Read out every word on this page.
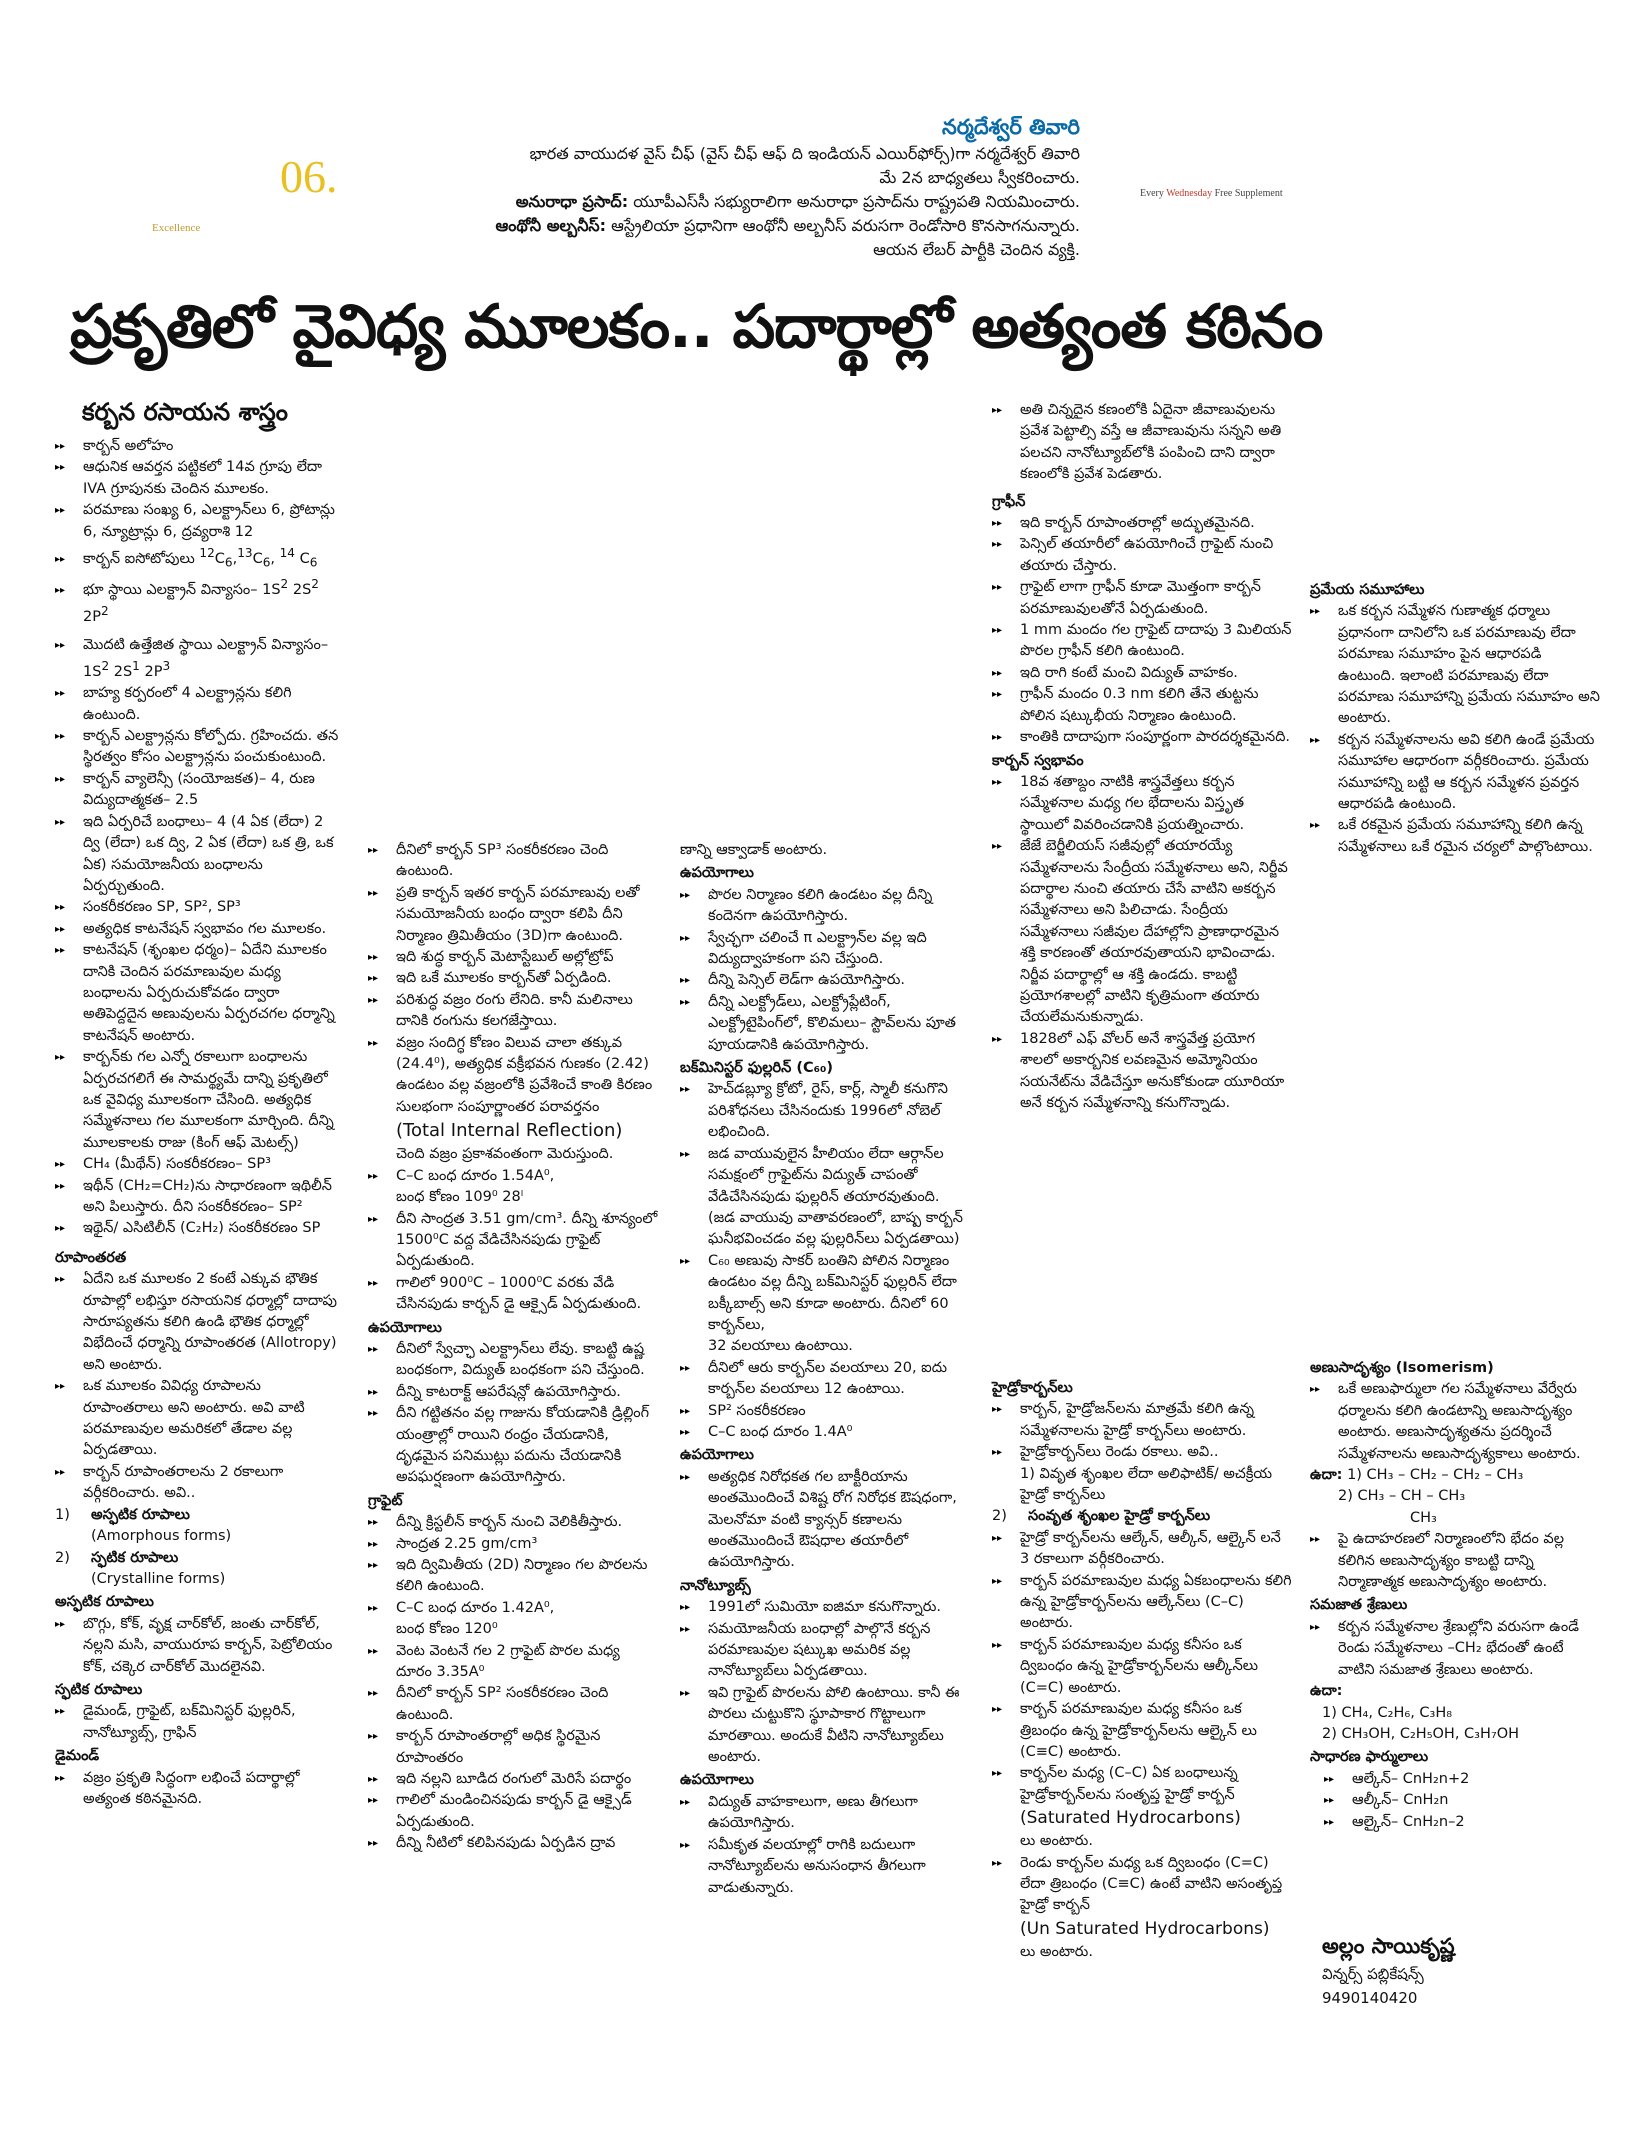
06.
Excellence
Every Wednesday Free Supplement
నర్మదేశ్వర్ తివారి
భారత వాయుదళ వైస్ చీఫ్ (వైస్ చీఫ్ ఆఫ్ ది ఇండియన్ ఎయిర్‌ఫోర్స్)గా నర్మదేశ్వర్ తివారి
మే 2న బాధ్యతలు స్వీకరించారు.
అనురాధా ప్రసాద్: యూపీఎస్‌సీ సభ్యురాలిగా అనురాధా ప్రసాద్‌ను రాష్ట్రపతి నియమించారు.
ఆంథోనీ అల్బనీస్: ఆస్ట్రేలియా ప్రధానిగా ఆంథోనీ అల్బనీస్ వరుసగా రెండోసారి కొనసాగనున్నారు.
ఆయన లేబర్ పార్టీకి చెందిన వ్యక్తి.
ప్రకృతిలో వైవిధ్య మూలకం.. పదార్థాల్లో అత్యంత కఠినం
కర్బన రసాయన శాస్త్రం

▸▸ కార్బన్ అలోహం

▸▸ ఆధునిక ఆవర్తన పట్టికలో 14వ గ్రూపు లేదా IVA గ్రూపునకు చెందిన మూలకం.

▸▸ పరమాణు సంఖ్య 6, ఎలక్ట్రాన్‌లు 6, ప్రోటాన్లు 6, న్యూట్రాన్లు 6, ద్రవ్యరాశి 12

▸▸ కార్బన్ ఐసోటోపులు $^{12}C_6,^{13}C_6$, $^{14}$ $C_6$

▸▸ భూ స్థాయి ఎలక్ట్రాన్ విన్యాసం– $1S^2$ $2S^2$ $2P^2$

▸▸ మొదటి ఉత్తేజిత స్థాయి ఎలక్ట్రాన్ విన్యాసం– $1S^2$ $2S^1$ $2P^3$

▸▸ బాహ్య కర్పరంలో 4 ఎలక్ట్రాన్లను కలిగి ఉంటుంది.

▸▸ కార్బన్ ఎలక్ట్రాన్లను కోల్పోదు. గ్రహించదు. తన స్థిరత్వం కోసం ఎలక్ట్రాన్లను పంచుకుంటుంది.

▸▸ కార్బన్ వ్యాలెన్సీ (సంయోజకత)– 4, రుణ విద్యుదాత్మకత– 2.5

▸▸ ఇది ఏర్పరిచే బంధాలు– 4 (4 ఏక (లేదా) 2 ద్వి (లేదా) ఒక ద్వి, 2 ఏక (లేదా) ఒక త్రి, ఒక ఏక) సమయోజనీయ బంధాలను ఏర్పర్చుతుంది.

▸▸ సంకరీకరణం SP, SP², SP³

▸▸ అత్యధిక కాటనేషన్ స్వభావం గల మూలకం.

▸▸ కాటనేషన్ (శృంఖల ధర్మం)– ఏదేని మూలకం దానికి చెందిన పరమాణువుల మధ్య బంధాలను ఏర్పరుచుకోవడం ద్వారా అతిపెద్దదైన అణువులను ఏర్పరచగల ధర్మాన్ని కాటనేషన్ అంటారు.

▸▸ కార్బన్‌కు గల ఎన్నో రకాలుగా బంధాలను ఏర్పరచగలిగే ఈ సామర్థ్యమే దాన్ని ప్రకృతిలో ఒక వైవిధ్య మూలకంగా చేసింది. అత్యధిక సమ్మేళనాలు గల మూలకంగా మార్చింది. దీన్ని మూలకాలకు రాజు (కింగ్ ఆఫ్ మెటల్స్)

▸▸ CH₄ (మీథేన్) సంకరీకరణం– SP³

▸▸ ఇథీన్ (CH₂=CH₂)ను సాధారణంగా ఇథిలీన్ అని పిలుస్తారు. దీని సంకరీకరణం– SP²

▸▸ ఇథైన్/ ఎసిటిలీన్ (C₂H₂) సంకరీకరణం SP

రూపాంతరత

▸▸ ఏదేని ఒక మూలకం 2 కంటే ఎక్కువ భౌతిక రూపాల్లో లభిస్తూ రసాయనిక ధర్మాల్లో దాదాపు సారూప్యతను కలిగి ఉండి భౌతిక ధర్మాల్లో విభేదించే ధర్మాన్ని రూపాంతరత (Allotropy) అని అంటారు.

▸▸ ఒక మూలకం వివిధ్య రూపాలను రూపాంతరాలు అని అంటారు. అవి వాటి పరమాణువుల అమరికలో తేడాల వల్ల ఏర్పడతాయి.

▸▸ కార్బన్ రూపాంతరాలను 2 రకాలుగా వర్గీకరించారు. అవి..

1) అస్ఫటిక రూపాలు

(Amorphous forms)

2) స్ఫటిక రూపాలు

(Crystalline forms)

అస్ఫటిక రూపాలు

▸▸ బొగ్గు, కోక్, వృక్ష చార్‌కోల్, జంతు చార్‌కోల్, నల్లని మసి, వాయురూప కార్బన్, పెట్రోలియం కోక్, చక్కెర చార్‌కోల్ మొదలైనవి.

స్ఫటిక రూపాలు

▸▸ డైమండ్, గ్రాఫైట్, బక్‌మినిస్టర్ ఫుల్లరిన్, నానోట్యూబ్స్, గ్రాఫిన్

డైమండ్

▸▸ వజ్రం ప్రకృతి సిద్ధంగా లభించే పదార్థాల్లో అత్యంత కఠినమైనది.

▸▸ దీనిలో కార్బన్ SP³ సంకరీకరణం చెంది ఉంటుంది.

▸▸ ప్రతి కార్బన్ ఇతర కార్బన్ పరమాణువు లతో సమయోజనీయ బంధం ద్వారా కలిపి దీని నిర్మాణం త్రిమితీయం (3D)గా ఉంటుంది.

▸▸ ఇది శుద్ధ కార్బన్ మెటాస్టేబుల్ అల్లోట్రోప్

▸▸ ఇది ఒకే మూలకం కార్బన్‌తో ఏర్పడింది.

▸▸ పరిశుద్ధ వజ్రం రంగు లేనిది. కానీ మలినాలు దానికి రంగును కలగజేస్తాయి.

▸▸ వజ్రం సందిగ్ధ కోణం విలువ చాలా తక్కువ (24.4⁰), అత్యధిక వక్రీభవన గుణకం (2.42) ఉండటం వల్ల వజ్రంలోకి ప్రవేశించే కాంతి కిరణం సులభంగా సంపూర్ణాంతర పరావర్తనం

(Total Internal Reflection)

చెంది వజ్రం ప్రకాశవంతంగా మెరుస్తుంది.

▸▸ C–C బంధ దూరం 1.54A⁰,

బంధ కోణం 109⁰ 28ˡ

▸▸ దీని సాంద్రత 3.51 gm/cm³. దీన్ని శూన్యంలో 1500⁰C వద్ద వేడిచేసినపుడు గ్రాఫైట్ ఏర్పడుతుంది.

▸▸ గాలిలో 900⁰C – 1000⁰C వరకు వేడి చేసినపుడు కార్బన్ డై ఆక్సైడ్ ఏర్పడుతుంది.

ఉపయోగాలు

▸▸ దీనిలో స్వేచ్ఛా ఎలక్ట్రాన్‌లు లేవు. కాబట్టి ఉష్ణ బంధకంగా, విద్యుత్ బంధకంగా పని చేస్తుంది.

▸▸ దీన్ని కాటరాక్ట్ ఆపరేషన్లో ఉపయోగిస్తారు.

▸▸ దీని గట్టితనం వల్ల గాజును కోయడానికి డ్రిల్లింగ్ యంత్రాల్లో రాయిని రంధ్రం చేయడానికి, దృఢమైన పనిముట్లు పదును చేయడానికి అపఘర్షణంగా ఉపయోగిస్తారు.

గ్రాఫైట్

▸▸ దీన్ని క్రిస్టలీన్ కార్బన్ నుంచి వెలికితీస్తారు.

▸▸ సాంద్రత 2.25 gm/cm³

▸▸ ఇది ద్విమితీయ (2D) నిర్మాణం గల పొరలను కలిగి ఉంటుంది.

▸▸ C–C బంధ దూరం 1.42A⁰,

బంధ కోణం 120⁰

▸▸ వెంట వెంటనే గల 2 గ్రాఫైట్ పొరల మధ్య దూరం 3.35A⁰

▸▸ దీనిలో కార్బన్ SP² సంకరీకరణం చెంది ఉంటుంది.

▸▸ కార్బన్ రూపాంతరాల్లో అధిక స్థిరమైన రూపాంతరం

▸▸ ఇది నల్లని బూడిద రంగులో మెరిసే పదార్థం

▸▸ గాలిలో మండించినపుడు కార్బన్ డై ఆక్సైడ్ ఏర్పడుతుంది.

▸▸ దీన్ని నీటిలో కలిపినపుడు ఏర్పడిన ద్రావ

ణాన్ని ఆక్వాడాక్ అంటారు.

ఉపయోగాలు

▸▸ పొరల నిర్మాణం కలిగి ఉండటం వల్ల దీన్ని కందెనగా ఉపయోగిస్తారు.

▸▸ స్వేచ్ఛగా చలించే π ఎలక్ట్రాన్‌ల వల్ల ఇది విద్యుద్వాహకంగా పని చేస్తుంది.

▸▸ దీన్ని పెన్సిల్ లెడ్‌గా ఉపయోగిస్తారు.

▸▸ దీన్ని ఎలక్ట్రోడ్‌లు, ఎలక్ట్రోప్లేటింగ్, ఎలక్ట్రోటైపింగ్‌లో, కొలిమలు– స్టౌవ్‌లను పూత పూయడానికి ఉపయోగిస్తారు.

బక్‌మినిస్టర్ ఫుల్లరిన్ (C₆₀)

▸▸ హెచ్‌డబ్ల్యూ క్రోటో, రైస్, కార్ల్, స్మాలీ కనుగొని పరిశోధనలు చేసినందుకు 1996లో నోబెల్ లభించింది.

▸▸ జడ వాయువులైన హీలియం లేదా ఆర్గాన్‌ల సమక్షంలో గ్రాఫైట్‌ను విద్యుత్ చాపంతో వేడిచేసినపుడు ఫుల్లరిన్ తయారవుతుంది. (జడ వాయువు వాతావరణంలో, బాష్ప కార్బన్ ఘనీభవించడం వల్ల ఫుల్లరిన్‌లు ఏర్పడతాయి)

▸▸ C₆₀ అణువు సాకర్ బంతిని పోలిన నిర్మాణం ఉండటం వల్ల దీన్ని బక్‌మినిస్టర్ ఫుల్లరిన్ లేదా బక్కీబాల్స్ అని కూడా అంటారు. దీనిలో 60 కార్బన్‌లు,

32 వలయాలు ఉంటాయి.

▸▸ దీనిలో ఆరు కార్బన్‌ల వలయాలు 20, ఐదు కార్బన్‌ల వలయాలు 12 ఉంటాయి.

▸▸ SP² సంకరీకరణం

▸▸ C–C బంధ దూరం 1.4A⁰

ఉపయోగాలు

▸▸ అత్యధిక నిరోధకత గల బాక్టీరియాను అంతమొందించే విశిష్ట రోగ నిరోధక ఔషధంగా, మెలనోమా వంటి క్యాన్సర్ కణాలను అంతమొందించే ఔషధాల తయారీలో ఉపయోగిస్తారు.

నానోట్యూబ్స్

▸▸ 1991లో సుమియో ఐజిమా కనుగొన్నారు.

▸▸ సమయోజనీయ బంధాల్లో పాల్గొనే కర్బన పరమాణువుల షట్కుఖ అమరిక వల్ల నానోట్యూబ్‌లు ఏర్పడతాయి.

▸▸ ఇవి గ్రాఫైట్ పొరలను పోలి ఉంటాయి. కానీ ఈ పొరలు చుట్టుకొని స్థూపాకార గొట్టాలుగా మారతాయి. అందుకే వీటిని నానోట్యూబ్‌లు అంటారు.

ఉపయోగాలు

▸▸ విద్యుత్ వాహకాలుగా, అణు తీగలుగా ఉపయోగిస్తారు.

▸▸ సమీకృత వలయాల్లో రాగికి బదులుగా నానోట్యూబ్‌లను అనుసంధాన తీగలుగా వాడుతున్నారు.

▸▸ అతి చిన్నదైన కణంలోకి ఏదైనా జీవాణువులను ప్రవేశ పెట్టాల్సి వస్తే ఆ జీవాణువును సన్నని అతి పలచని నానోట్యూబ్‌లోకి పంపించి దాని ద్వారా కణంలోకి ప్రవేశ పెడతారు.

గ్రాఫీన్

▸▸ ఇది కార్బన్ రూపాంతరాల్లో అద్భుతమైనది.

▸▸ పెన్సిల్ తయారీలో ఉపయోగించే గ్రాఫైట్ నుంచి తయారు చేస్తారు.

▸▸ గ్రాఫైట్ లాగా గ్రాఫీన్ కూడా మొత్తంగా కార్బన్ పరమాణువులతోనే ఏర్పడుతుంది.

▸▸ 1 mm మందం గల గ్రాఫైట్ దాదాపు 3 మిలియన్ పొరల గ్రాఫీన్ కలిగి ఉంటుంది.

▸▸ ఇది రాగి కంటే మంచి విద్యుత్ వాహకం.

▸▸ గ్రాఫీన్ మందం 0.3 nm కలిగి తేనె తుట్టను పోలిన షట్కుభీయ నిర్మాణం ఉంటుంది.

▸▸ కాంతికి దాదాపుగా సంపూర్ణంగా పారదర్శకమైనది.

కార్బన్ స్వభావం

▸▸ 18వ శతాబ్దం నాటికి శాస్త్రవేత్తలు కర్బన సమ్మేళనాల మధ్య గల భేదాలను విస్తృత స్థాయిలో వివరించడానికి ప్రయత్నించారు.

▸▸ జేజే బెర్జీలియస్ సజీవుల్లో తయారయ్యే సమ్మేళనాలను సేంద్రీయ సమ్మేళనాలు అని, నిర్జీవ పదార్థాల నుంచి తయారు చేసే వాటిని అకర్బన సమ్మేళనాలు అని పిలిచాడు. సేంద్రీయ సమ్మేళనాలు సజీవుల దేహాల్లోని ప్రాణాధారమైన శక్తి కారణంతో తయారవుతాయని భావించాడు. నిర్జీవ పదార్థాల్లో ఆ శక్తి ఉండదు. కాబట్టి ప్రయోగశాలల్లో వాటిని కృత్రిమంగా తయారు చేయలేమనుకున్నాడు.

▸▸ 1828లో ఎఫ్ వోలర్ అనే శాస్త్రవేత్త ప్రయోగ శాలలో అకార్బనిక లవణమైన అమ్మోనియం సయనేట్‌ను వేడిచేస్తూ అనుకోకుండా యూరియా అనే కర్బన సమ్మేళనాన్ని కనుగొన్నాడు.

హైడ్రోకార్బన్‌లు

▸▸ కార్బన్, హైడ్రోజన్‌లను మాత్రమే కలిగి ఉన్న సమ్మేళనాలను హైడ్రో కార్బన్‌లు అంటారు.

▸▸ హైడ్రోకార్బన్‌లు రెండు రకాలు. అవి..

1) వివృత శృంఖల లేదా అలిఫాటిక్/ అచక్రీయ హైడ్రో కార్బన్‌లు

2) సంవృత శృంఖల హైడ్రో కార్బన్‌లు

▸▸ హైడ్రో కార్బన్‌లను ఆల్కేన్, ఆల్కీన్, ఆల్కైన్ లనే 3 రకాలుగా వర్గీకరించారు.

▸▸ కార్బన్ పరమాణువుల మధ్య ఏకబంధాలను కలిగి ఉన్న హైడ్రోకార్బన్‌లను ఆల్కేన్‌లు (C–C) అంటారు.

▸▸ కార్బన్ పరమాణువుల మధ్య కనీసం ఒక ద్విబంధం ఉన్న హైడ్రోకార్బన్‌లను ఆల్కీన్‌లు (C=C) అంటారు.

▸▸ కార్బన్ పరమాణువుల మధ్య కనీసం ఒక త్రిబంధం ఉన్న హైడ్రోకార్బన్‌లను ఆల్కైన్ లు (C≡C) అంటారు.

▸▸ కార్బన్‌ల మధ్య (C–C) ఏక బంధాలున్న హైడ్రోకార్బన్‌లను సంతృప్త హైడ్రో కార్బన్

(Saturated Hydrocarbons)

లు అంటారు.

▸▸ రెండు కార్బన్‌ల మధ్య ఒక ద్విబంధం (C=C) లేదా త్రిబంధం (C≡C) ఉంటే వాటిని అసంతృప్త హైడ్రో కార్బన్

(Un Saturated Hydrocarbons)

లు అంటారు.

ప్రమేయ సమూహాలు

▸▸ ఒక కర్బన సమ్మేళన గుణాత్మక ధర్మాలు ప్రధానంగా దానిలోని ఒక పరమాణువు లేదా పరమాణు సమూహం పైన ఆధారపడి ఉంటుంది. ఇలాంటి పరమాణువు లేదా పరమాణు సమూహాన్ని ప్రమేయ సమూహం అని అంటారు.

▸▸ కర్బన సమ్మేళనాలను అవి కలిగి ఉండే ప్రమేయ సమూహాల ఆధారంగా వర్గీకరించారు. ప్రమేయ సమూహాన్ని బట్టి ఆ కర్బన సమ్మేళన ప్రవర్తన ఆధారపడి ఉంటుంది.

▸▸ ఒకే రకమైన ప్రమేయ సమూహాన్ని కలిగి ఉన్న సమ్మేళనాలు ఒకే రమైన చర్యలో పాల్గొంటాయి.

అణుసాదృశ్యం (Isomerism)

▸▸ ఒకే అణుఫార్ములా గల సమ్మేళనాలు వేర్వేరు ధర్మాలను కలిగి ఉండటాన్ని అణుసాదృశ్యం అంటారు. అణుసాదృశ్యతను ప్రదర్శించే సమ్మేళనాలను అణుసాదృశ్యకాలు అంటారు.

ఉదా: 1) CH₃ – CH₂ – CH₂ – CH₃

2) CH₃ – CH – CH₃

CH₃

▸▸ పై ఉదాహరణలో నిర్మాణంలోని భేదం వల్ల కలిగిన అణుసాదృశ్యం కాబట్టి దాన్ని నిర్మాణాత్మక అణుసాదృశ్యం అంటారు.

సమజాత శ్రేణులు

▸▸ కర్బన సమ్మేళనాల శ్రేణుల్లోని వరుసగా ఉండే రెండు సమ్మేళనాలు –CH₂ భేదంతో ఉంటే వాటిని సమజాత శ్రేణులు అంటారు.

ఉదా:

1) CH₄, C₂H₆, C₃H₈

2) CH₃OH, C₂H₅OH, C₃H₇OH

సాధారణ ఫార్ములాలు

▸▸ ఆల్కేన్– CnH₂n+2

▸▸ ఆల్కీన్– CnH₂n

▸▸ ఆల్కైన్– CnH₂n–2

అల్లం సాయికృష్ణ
విన్నర్స్ పబ్లికేషన్స్
9490140420
